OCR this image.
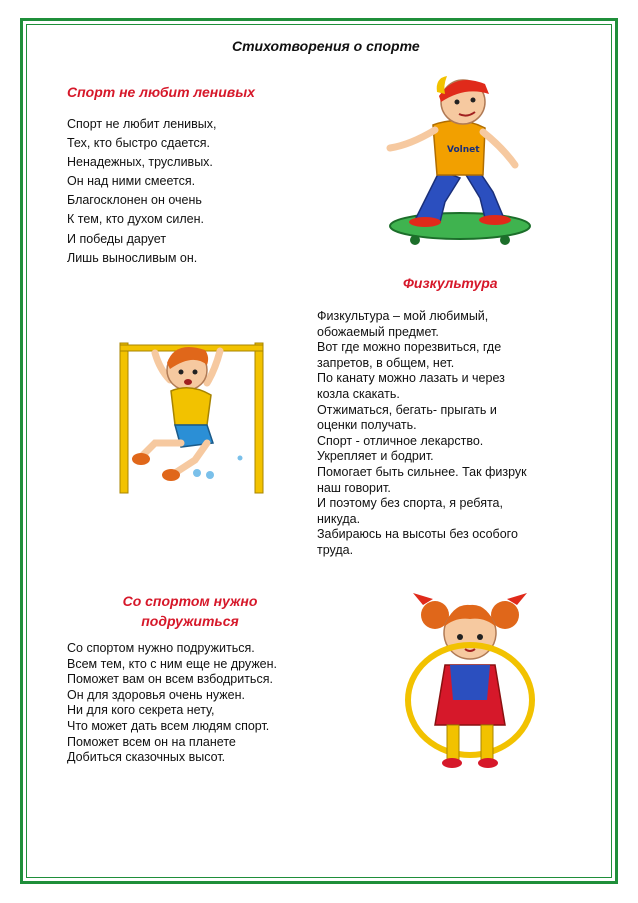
Стихотворения о спорте
Спорт не любит ленивых
Спорт не любит ленивых,
Тех, кто быстро сдается.
Ненадежных, трусливых.
Он над ними смеется.
Благосклонен он очень
К тем, кто духом силен.
И победы дарует
Лишь выносливым он.
Физкультура
Физкультура – мой любимый,
обожаемый предмет.
Вот где можно порезвиться, где
запретов, в общем, нет.
По канату можно лазать и через
козла скакать.
Отжиматься, бегать- прыгать и
оценки получать.
Спорт - отличное лекарство.
Укрепляет и бодрит.
Помогает быть сильнее. Так физрук
наш говорит.
И поэтому без спорта, я ребята,
никуда.
Забираюсь на высоты без особого
труда.
Со спортом нужно
подружиться
Со спортом нужно подружиться.
Всем тем, кто с ним еще не дружен.
Поможет вам он всем взбодриться.
Он для здоровья очень нужен.
Ни для кого секрета нету,
Что может дать всем людям спорт.
Поможет всем он на планете
Добиться сказочных высот.
Volnet
